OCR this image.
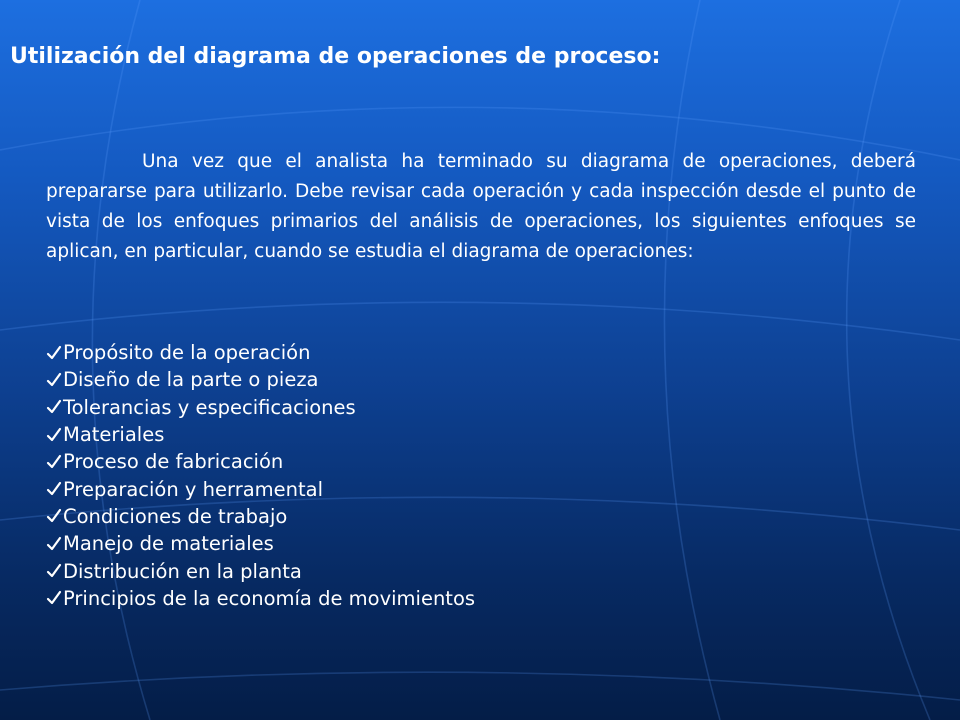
Utilización del diagrama de operaciones de proceso:

Una vez que el analista ha terminado su diagrama de operaciones, deberá prepararse para utilizarlo. Debe revisar cada operación y cada inspección desde el punto de vista de los enfoques primarios del análisis de operaciones, los siguientes enfoques se aplican, en particular, cuando se estudia el diagrama de operaciones:

Propósito de la operación
Diseño de la parte o pieza
Tolerancias y especificaciones
Materiales
Proceso de fabricación
Preparación y herramental
Condiciones de trabajo
Manejo de materiales
Distribución en la planta
Principios de la economía de movimientos
